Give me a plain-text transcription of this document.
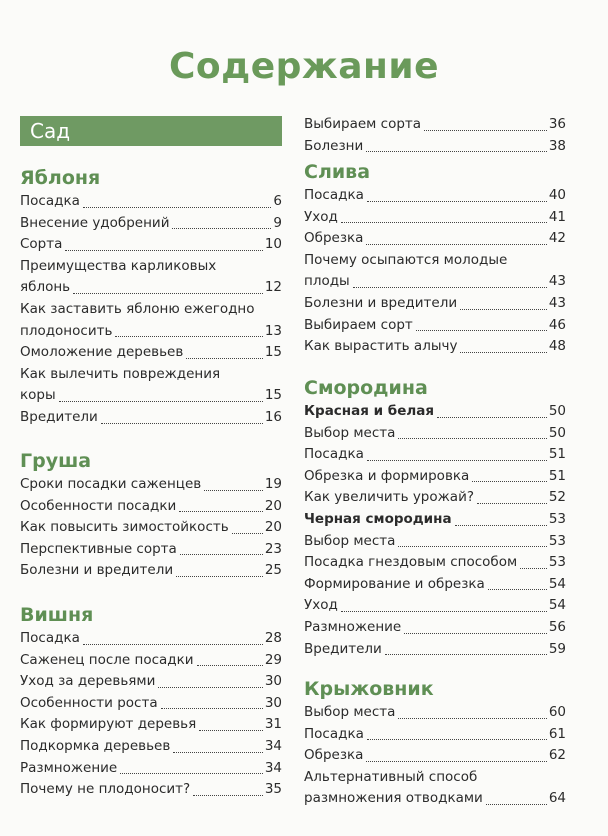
Содержание
Сад
Яблоня
Посадка	6
Внесение удобрений	9
Сорта	10
Преимущества карликовых
яблонь	12
Как заставить яблоню ежегодно
плодоносить	13
Омоложение деревьев	15
Как вылечить повреждения
коры	15
Вредители	16
Груша
Сроки посадки саженцев	19
Особенности посадки	20
Как повысить зимостойкость	20
Перспективные сорта	23
Болезни и вредители	25
Вишня
Посадка	28
Саженец после посадки	29
Уход за деревьями	30
Особенности роста	30
Как формируют деревья	31
Подкормка деревьев	34
Размножение	34
Почему не плодоносит?	35
Выбираем сорта	36
Болезни	38
Слива
Посадка	40
Уход	41
Обрезка	42
Почему осыпаются молодые
плоды	43
Болезни и вредители	43
Выбираем сорт	46
Как вырастить алычу	48
Смородина
Красная и белая	50
Выбор места	50
Посадка	51
Обрезка и формировка	51
Как увеличить урожай?	52
Черная смородина	53
Выбор места	53
Посадка гнездовым способом 53
Формирование и обрезка	54
Уход	54
Размножение	56
Вредители	59
Крыжовник
Выбор места	60
Посадка	61
Обрезка	62
Альтернативный способ
размножения отводками	64
